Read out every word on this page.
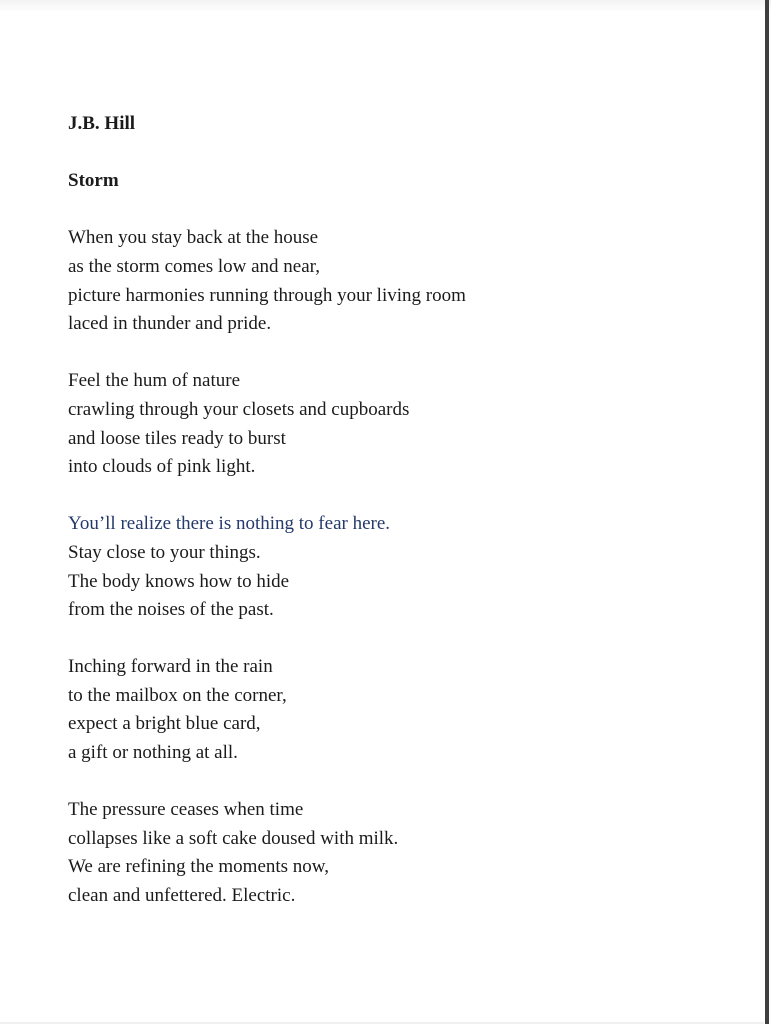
J.B. Hill

Storm

When you stay back at the house
as the storm comes low and near,
picture harmonies running through your living room
laced in thunder and pride.

Feel the hum of nature
crawling through your closets and cupboards
and loose tiles ready to burst
into clouds of pink light.

You’ll realize there is nothing to fear here.
Stay close to your things.
The body knows how to hide
from the noises of the past.

Inching forward in the rain
to the mailbox on the corner,
expect a bright blue card,
a gift or nothing at all.

The pressure ceases when time
collapses like a soft cake doused with milk.
We are refining the moments now,
clean and unfettered. Electric.
